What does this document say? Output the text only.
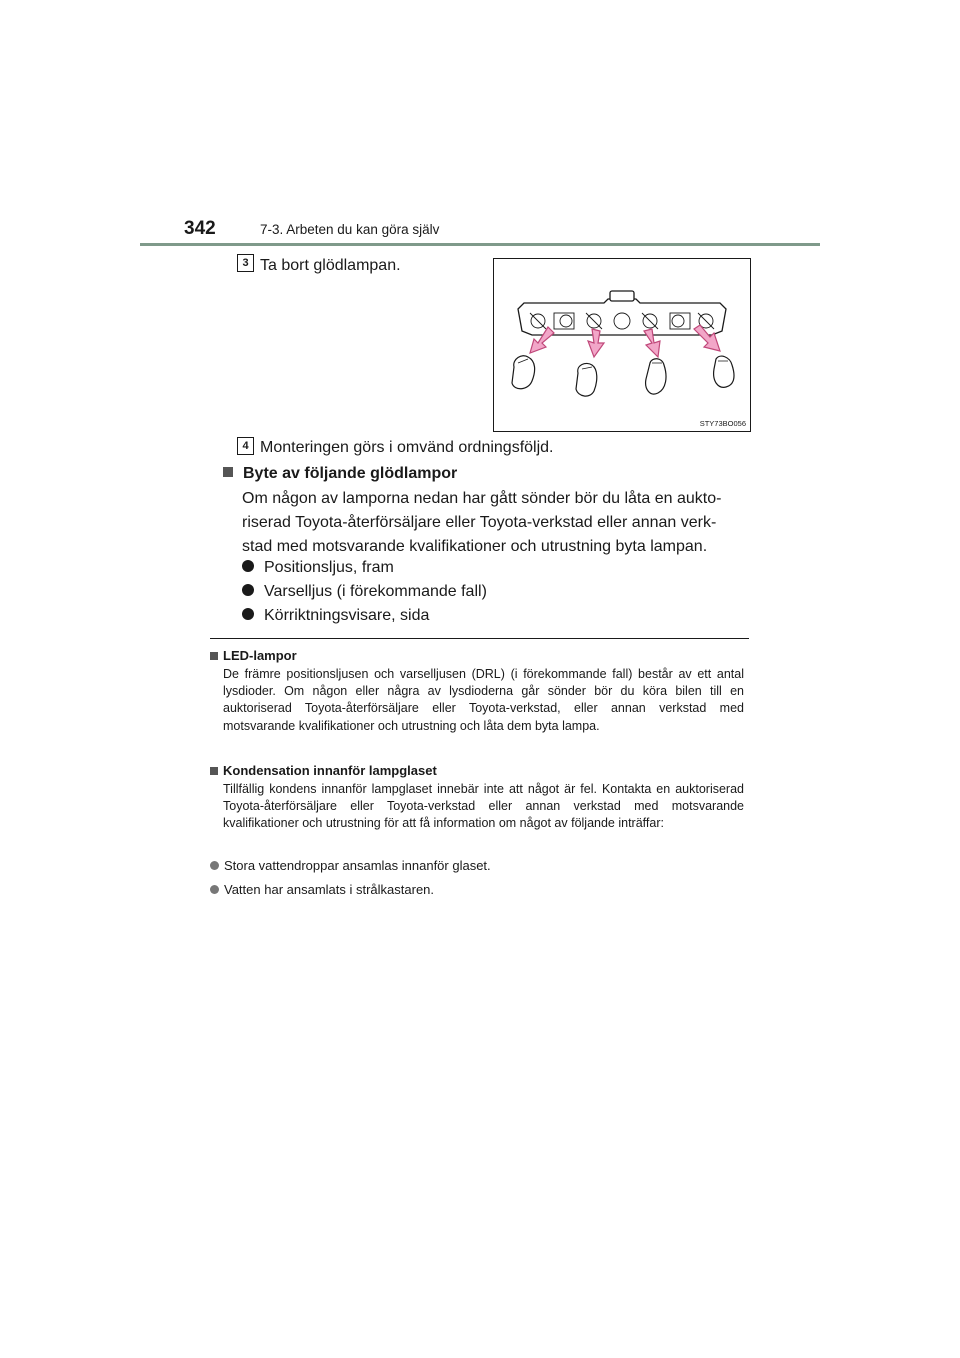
342	7-3. Arbeten du kan göra själv
3 Ta bort glödlampan.
STY73BO056
4 Monteringen görs i omvänd ordningsföljd.
Byte av följande glödlampor
Om någon av lamporna nedan har gått sönder bör du låta en aukto-
riserad Toyota-återförsäljare eller Toyota-verkstad eller annan verk-
stad med motsvarande kvalifikationer och utrustning byta lampan.
Positionsljus, fram
Varselljus (i förekommande fall)
Körriktningsvisare, sida
LED-lampor

De främre positionsljusen och varselljusen (DRL) (i förekommande fall) består av ett antal lysdioder. Om någon eller några av lysdioderna går sönder bör du köra bilen till en auktoriserad Toyota-återförsäljare eller Toyota-verkstad, eller annan verkstad med motsvarande kvalifikationer och utrustning och låta dem byta lampa.

Kondensation innanför lampglaset

Tillfällig kondens innanför lampglaset innebär inte att något är fel. Kontakta en auktoriserad Toyota-återförsäljare eller Toyota-verkstad eller annan verkstad med motsvarande kvalifikationer och utrustning för att få information om något av följande inträffar:

Stora vattendroppar ansamlas innanför glaset.
Vatten har ansamlats i strålkastaren.
